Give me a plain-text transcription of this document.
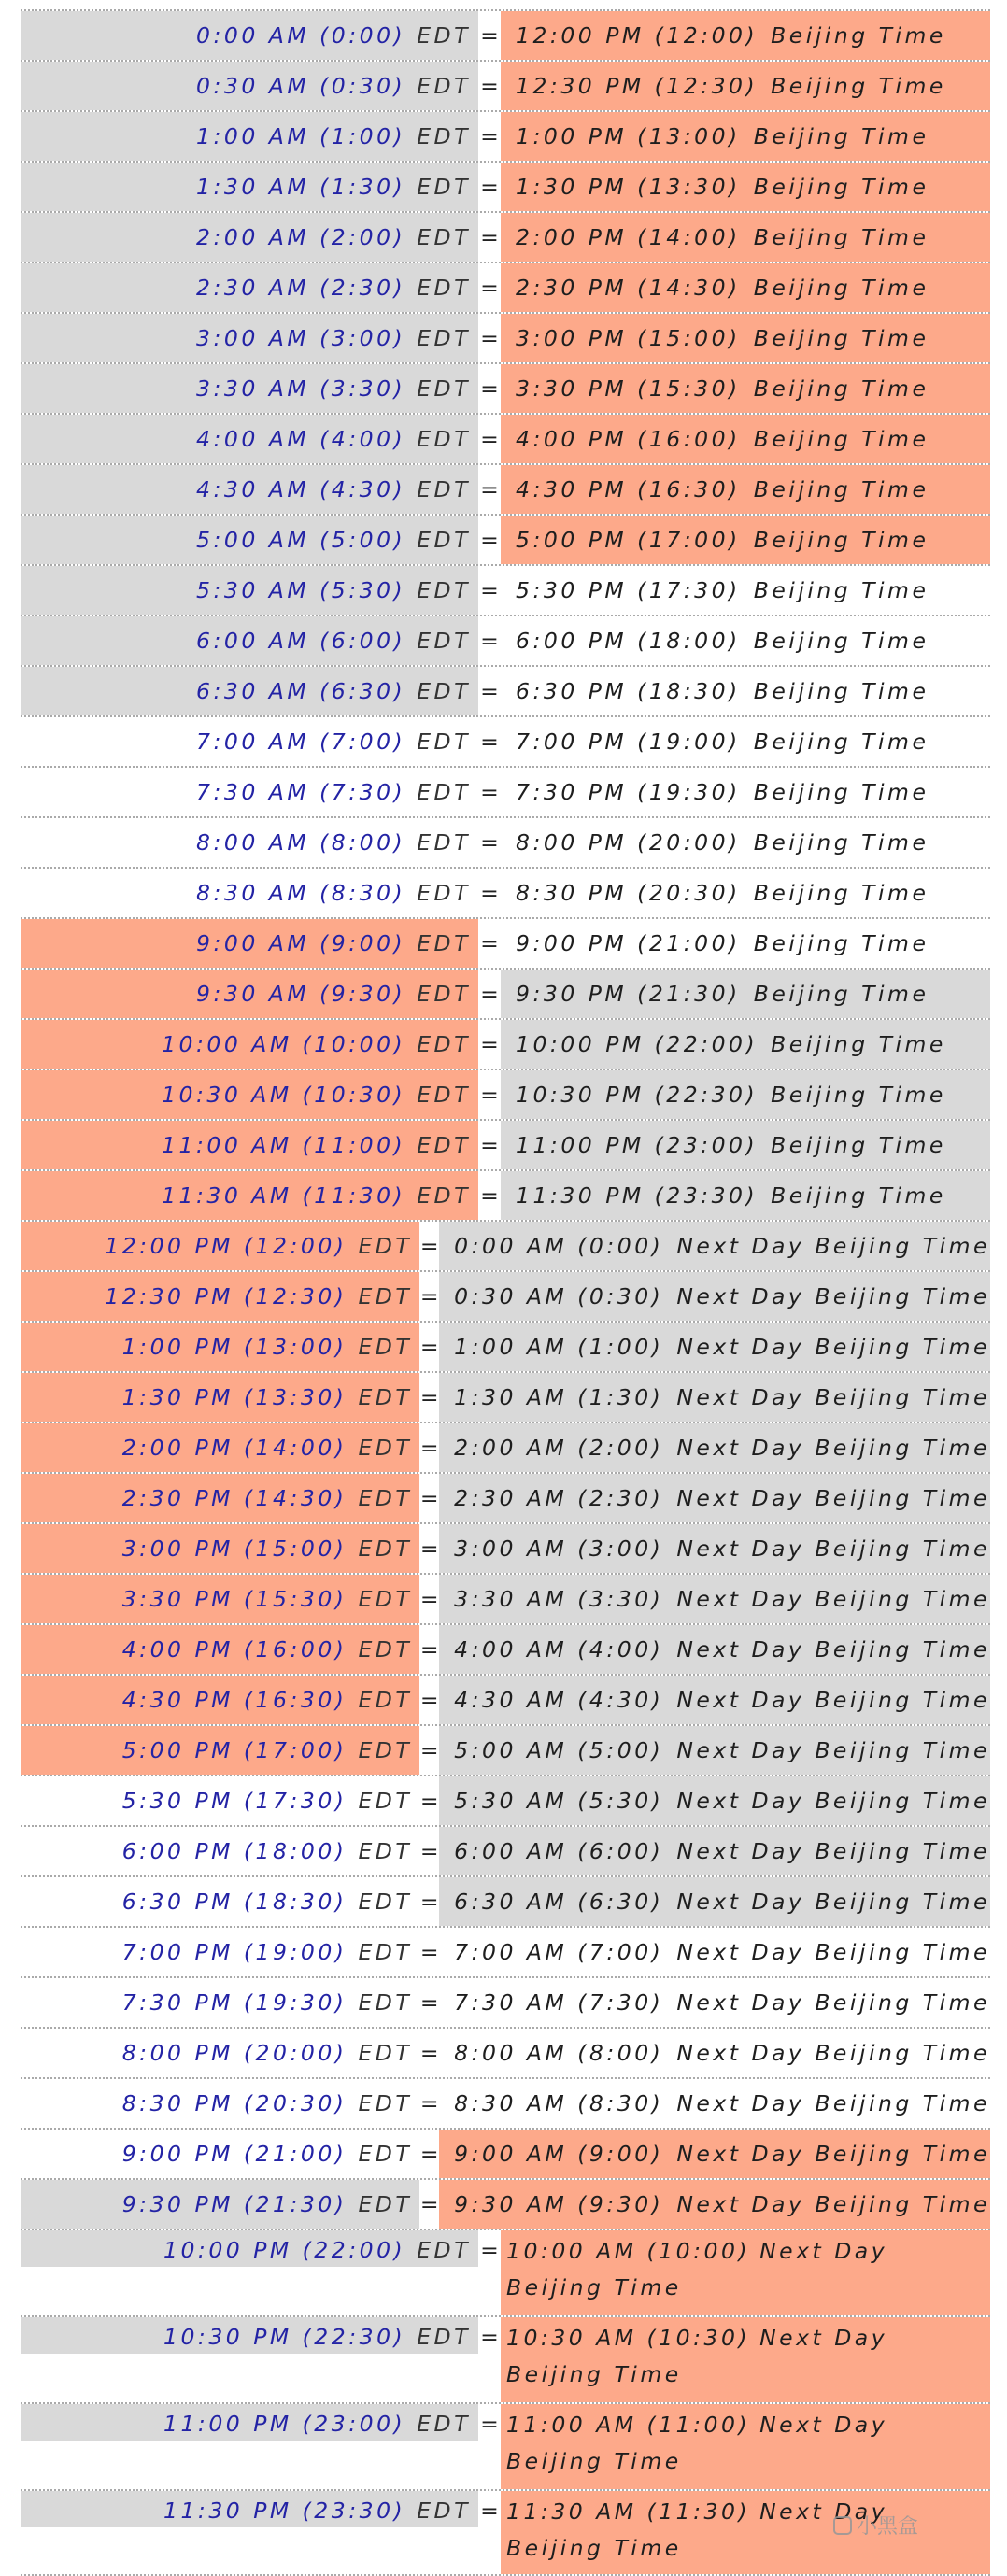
0:00 AM (0:00) EDT = 12:00 PM (12:00) Beijing Time
0:30 AM (0:30) EDT = 12:30 PM (12:30) Beijing Time
1:00 AM (1:00) EDT = 1:00 PM (13:00) Beijing Time
1:30 AM (1:30) EDT = 1:30 PM (13:30) Beijing Time
2:00 AM (2:00) EDT = 2:00 PM (14:00) Beijing Time
2:30 AM (2:30) EDT = 2:30 PM (14:30) Beijing Time
3:00 AM (3:00) EDT = 3:00 PM (15:00) Beijing Time
3:30 AM (3:30) EDT = 3:30 PM (15:30) Beijing Time
4:00 AM (4:00) EDT = 4:00 PM (16:00) Beijing Time
4:30 AM (4:30) EDT = 4:30 PM (16:30) Beijing Time
5:00 AM (5:00) EDT = 5:00 PM (17:00) Beijing Time
5:30 AM (5:30) EDT = 5:30 PM (17:30) Beijing Time
6:00 AM (6:00) EDT = 6:00 PM (18:00) Beijing Time
6:30 AM (6:30) EDT = 6:30 PM (18:30) Beijing Time
7:00 AM (7:00) EDT = 7:00 PM (19:00) Beijing Time
7:30 AM (7:30) EDT = 7:30 PM (19:30) Beijing Time
8:00 AM (8:00) EDT = 8:00 PM (20:00) Beijing Time
8:30 AM (8:30) EDT = 8:30 PM (20:30) Beijing Time
9:00 AM (9:00) EDT = 9:00 PM (21:00) Beijing Time
9:30 AM (9:30) EDT = 9:30 PM (21:30) Beijing Time
10:00 AM (10:00) EDT = 10:00 PM (22:00) Beijing Time
10:30 AM (10:30) EDT = 10:30 PM (22:30) Beijing Time
11:00 AM (11:00) EDT = 11:00 PM (23:00) Beijing Time
11:30 AM (11:30) EDT = 11:30 PM (23:30) Beijing Time
12:00 PM (12:00) EDT = 0:00 AM (0:00) Next Day Beijing Time
12:30 PM (12:30) EDT = 0:30 AM (0:30) Next Day Beijing Time
1:00 PM (13:00) EDT = 1:00 AM (1:00) Next Day Beijing Time
1:30 PM (13:30) EDT = 1:30 AM (1:30) Next Day Beijing Time
2:00 PM (14:00) EDT = 2:00 AM (2:00) Next Day Beijing Time
2:30 PM (14:30) EDT = 2:30 AM (2:30) Next Day Beijing Time
3:00 PM (15:00) EDT = 3:00 AM (3:00) Next Day Beijing Time
3:30 PM (15:30) EDT = 3:30 AM (3:30) Next Day Beijing Time
4:00 PM (16:00) EDT = 4:00 AM (4:00) Next Day Beijing Time
4:30 PM (16:30) EDT = 4:30 AM (4:30) Next Day Beijing Time
5:00 PM (17:00) EDT = 5:00 AM (5:00) Next Day Beijing Time
5:30 PM (17:30) EDT = 5:30 AM (5:30) Next Day Beijing Time
6:00 PM (18:00) EDT = 6:00 AM (6:00) Next Day Beijing Time
6:30 PM (18:30) EDT = 6:30 AM (6:30) Next Day Beijing Time
7:00 PM (19:00) EDT = 7:00 AM (7:00) Next Day Beijing Time
7:30 PM (19:30) EDT = 7:30 AM (7:30) Next Day Beijing Time
8:00 PM (20:00) EDT = 8:00 AM (8:00) Next Day Beijing Time
8:30 PM (20:30) EDT = 8:30 AM (8:30) Next Day Beijing Time
9:00 PM (21:00) EDT = 9:00 AM (9:00) Next Day Beijing Time
9:30 PM (21:30) EDT = 9:30 AM (9:30) Next Day Beijing Time
10:00 PM (22:00) EDT = 10:00 AM (10:00) Next Day Beijing Time
10:30 PM (22:30) EDT = 10:30 AM (10:30) Next Day Beijing Time
11:00 PM (23:00) EDT = 11:00 AM (11:00) Next Day Beijing Time
11:30 PM (23:30) EDT = 11:30 AM (11:30) Next Day Beijing Time
小黑盒
